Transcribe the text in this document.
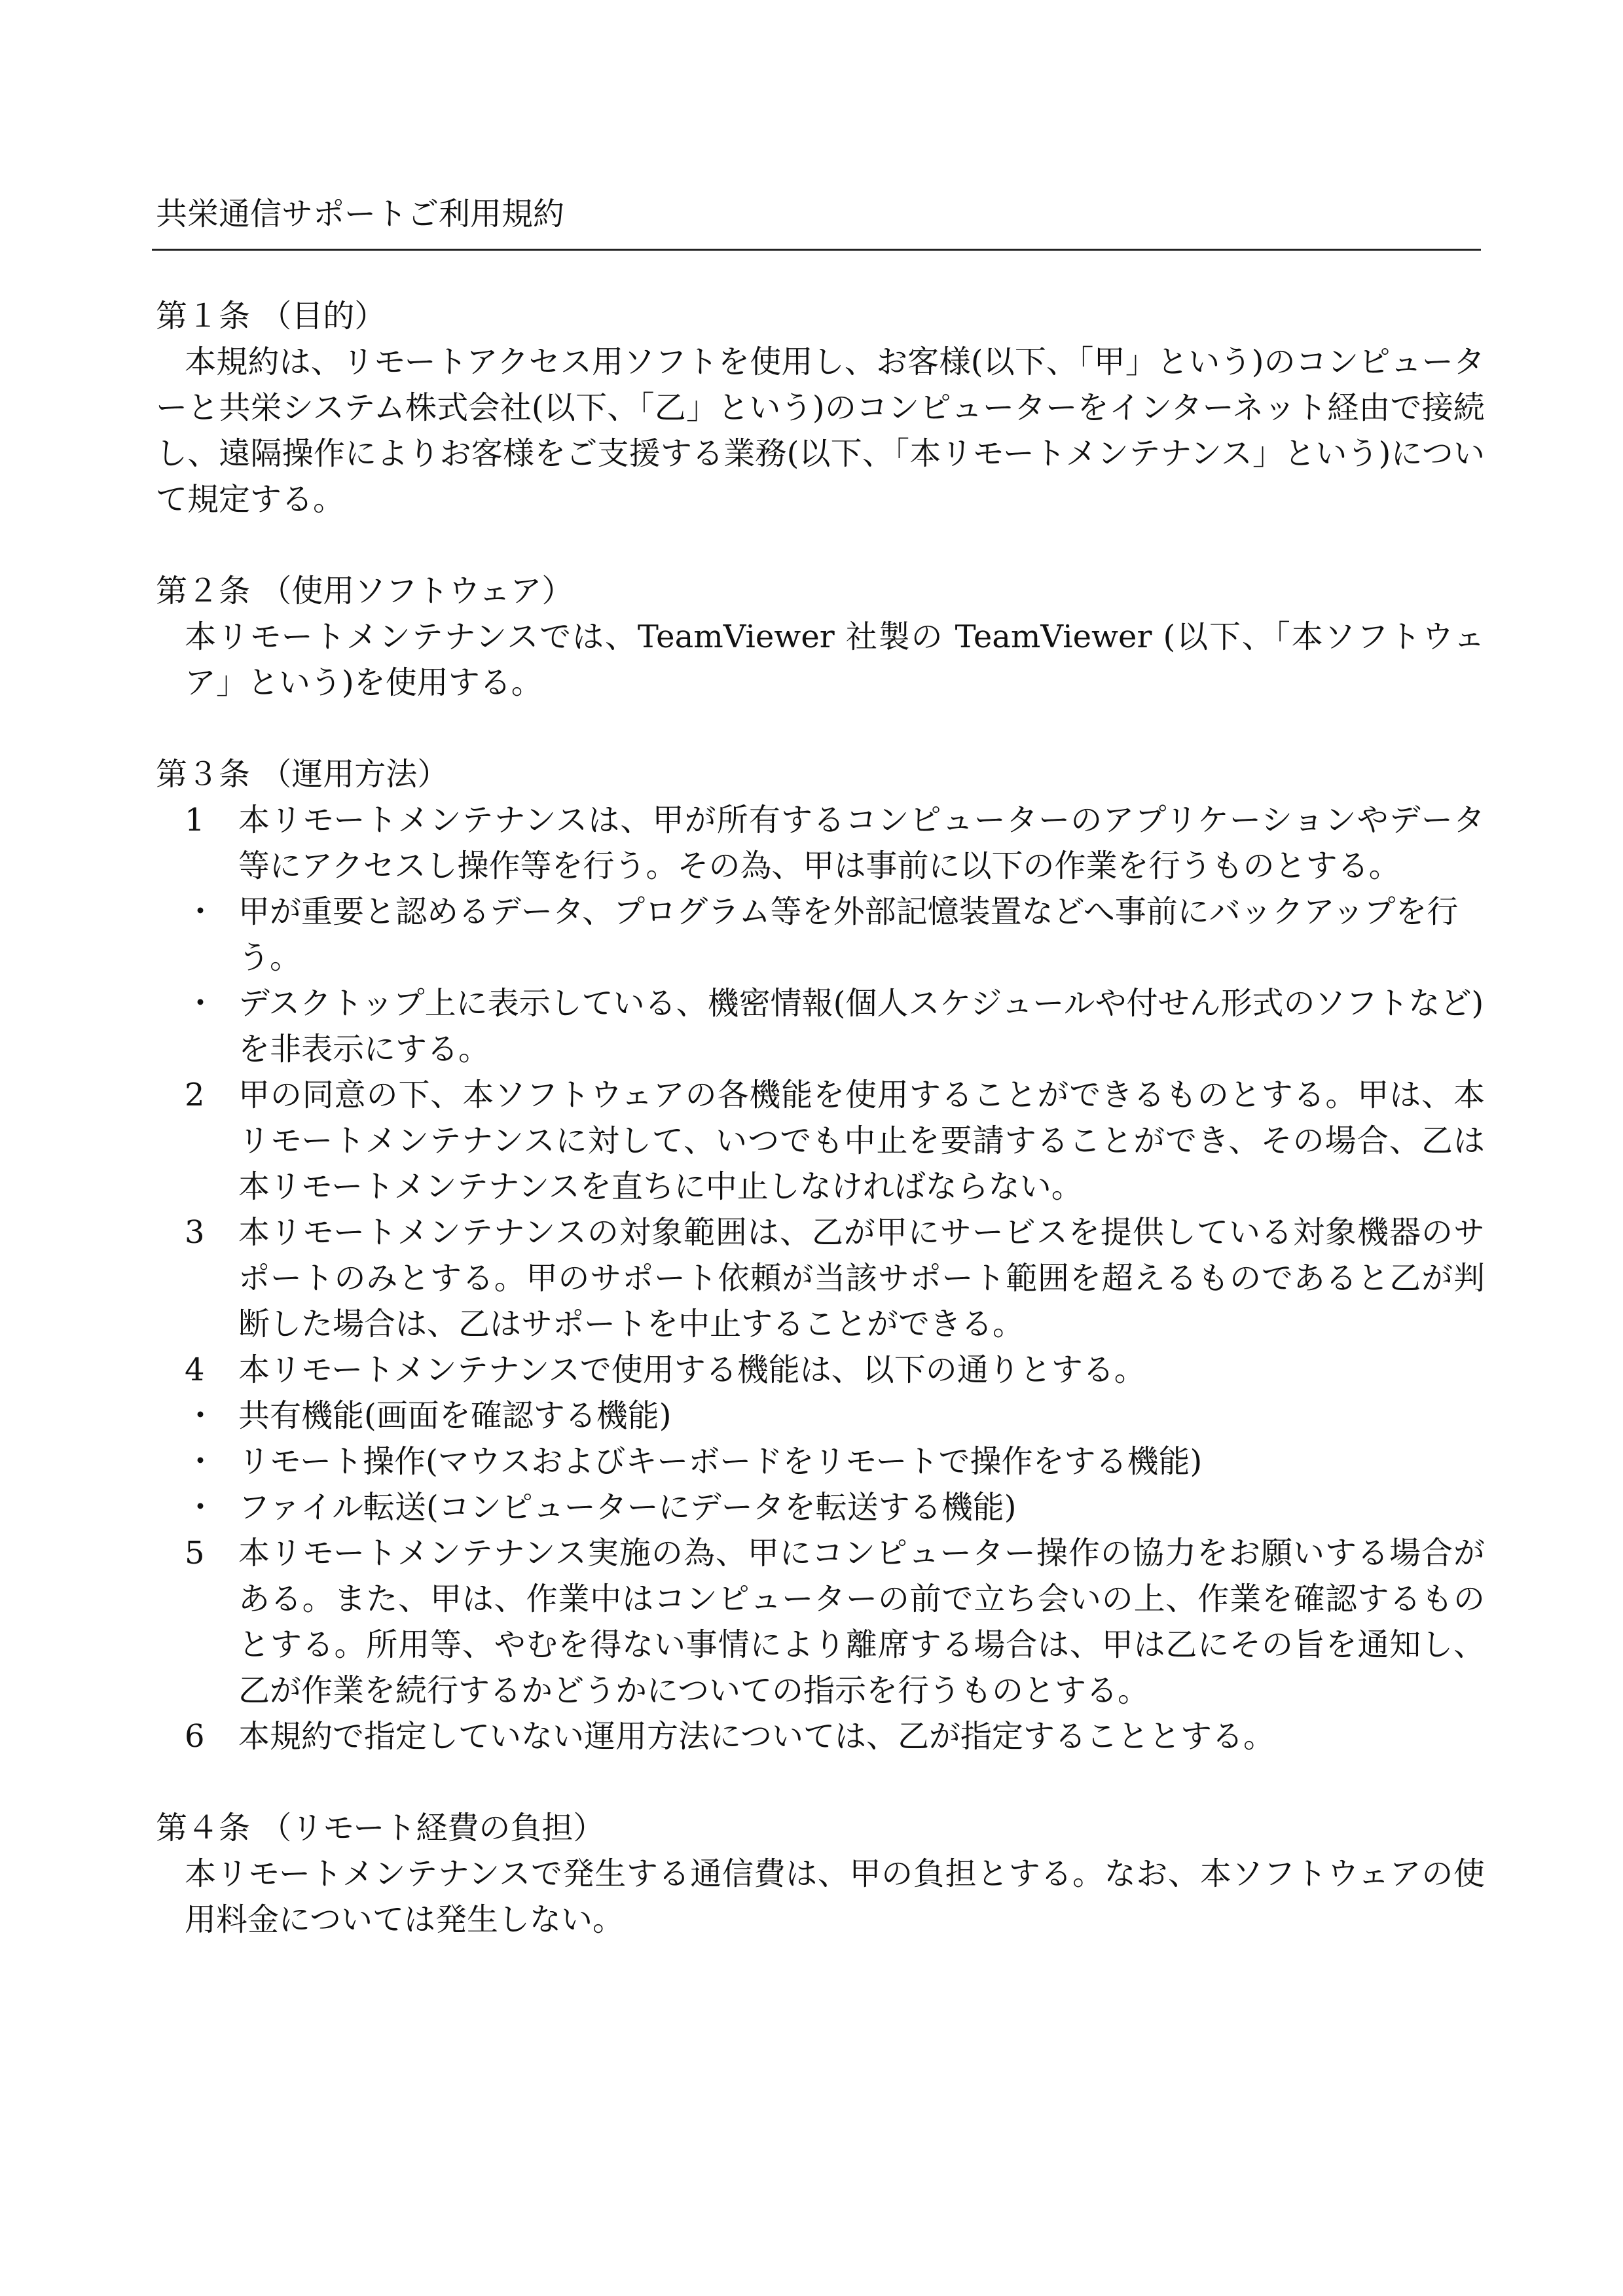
共栄通信サポートご利用規約

第１条 （目的）

本規約は、リモートアクセス用ソフトを使用し、お客様(以下、「甲」という)のコンピューターと共栄システム株式会社(以下、「乙」という)のコンピューターをインターネット経由で接続し、遠隔操作によりお客様をご支援する業務(以下、「本リモートメンテナンス」という)について規定する。

第２条 （使用ソフトウェア）

本リモートメンテナンスでは、TeamViewer 社製の TeamViewer (以下、「本ソフトウェア」という)を使用する。

第３条 （運用方法）

1	本リモートメンテナンスは、甲が所有するコンピューターのアプリケーションやデータ等にアクセスし操作等を行う。その為、甲は事前に以下の作業を行うものとする。
・ 甲が重要と認めるデータ、プログラム等を外部記憶装置などへ事前にバックアップを行う。
・ デスクトップ上に表示している、機密情報(個人スケジュールや付せん形式のソフトなど)を非表示にする。
2	甲の同意の下、本ソフトウェアの各機能を使用することができるものとする。甲は、本リモートメンテナンスに対して、いつでも中止を要請することができ、その場合、乙は本リモートメンテナンスを直ちに中止しなければならない。
3	本リモートメンテナンスの対象範囲は、乙が甲にサービスを提供している対象機器のサポートのみとする。甲のサポート依頼が当該サポート範囲を超えるものであると乙が判断した場合は、乙はサポートを中止することができる。
4	本リモートメンテナンスで使用する機能は、以下の通りとする。
・ 共有機能(画面を確認する機能)
・ リモート操作(マウスおよびキーボードをリモートで操作をする機能)
・ ファイル転送(コンピューターにデータを転送する機能)
5	本リモートメンテナンス実施の為、甲にコンピューター操作の協力をお願いする場合がある。また、甲は、作業中はコンピューターの前で立ち会いの上、作業を確認するものとする。所用等、やむを得ない事情により離席する場合は、甲は乙にその旨を通知し、乙が作業を続行するかどうかについての指示を行うものとする。
6	本規約で指定していない運用方法については、乙が指定することとする。

第４条 （リモート経費の負担）

本リモートメンテナンスで発生する通信費は、甲の負担とする。なお、本ソフトウェアの使用料金については発生しない。
